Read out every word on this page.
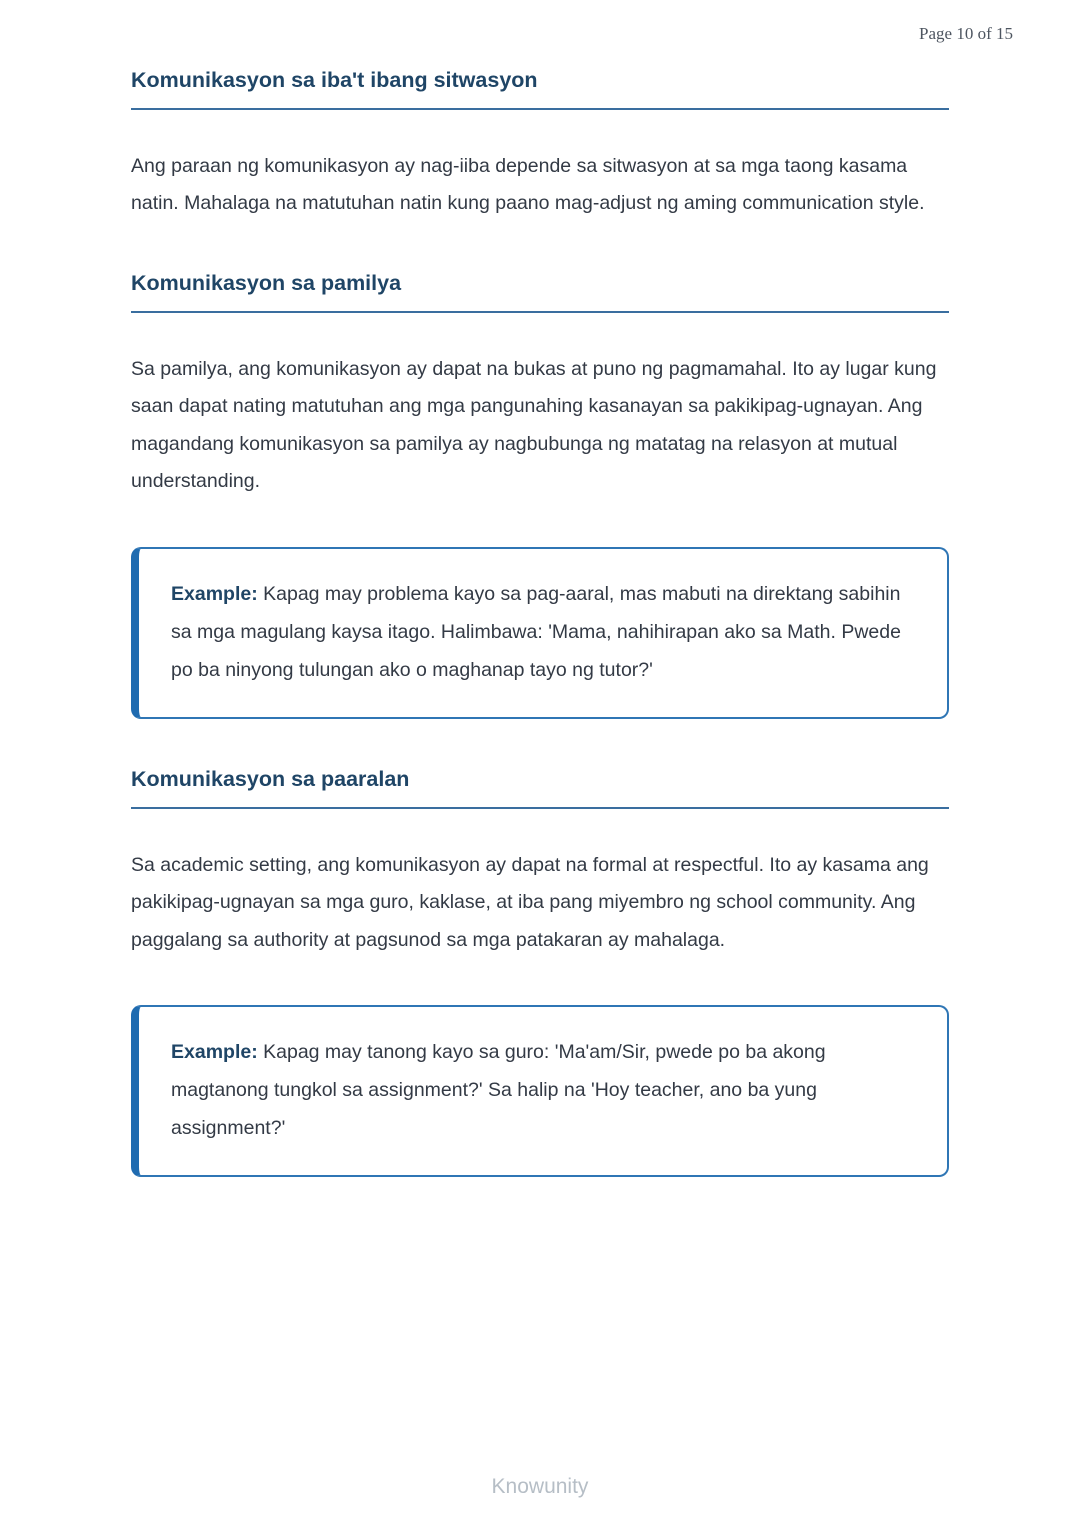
Page 10 of 15
Komunikasyon sa iba't ibang sitwasyon

Ang paraan ng komunikasyon ay nag-iiba depende sa sitwasyon at sa mga taong kasama natin. Mahalaga na matutuhan natin kung paano mag-adjust ng aming communication style.

Komunikasyon sa pamilya

Sa pamilya, ang komunikasyon ay dapat na bukas at puno ng pagmamahal. Ito ay lugar kung saan dapat nating matutuhan ang mga pangunahing kasanayan sa pakikipag-ugnayan. Ang magandang komunikasyon sa pamilya ay nagbubunga ng matatag na relasyon at mutual understanding.

Example: Kapag may problema kayo sa pag-aaral, mas mabuti na direktang sabihin sa mga magulang kaysa itago. Halimbawa: 'Mama, nahihirapan ako sa Math. Pwede po ba ninyong tulungan ako o maghanap tayo ng tutor?'
Komunikasyon sa paaralan

Sa academic setting, ang komunikasyon ay dapat na formal at respectful. Ito ay kasama ang pakikipag-ugnayan sa mga guro, kaklase, at iba pang miyembro ng school community. Ang paggalang sa authority at pagsunod sa mga patakaran ay mahalaga.

Example: Kapag may tanong kayo sa guro: 'Ma'am/Sir, pwede po ba akong magtanong tungkol sa assignment?' Sa halip na 'Hoy teacher, ano ba yung assignment?'
Knowunity
